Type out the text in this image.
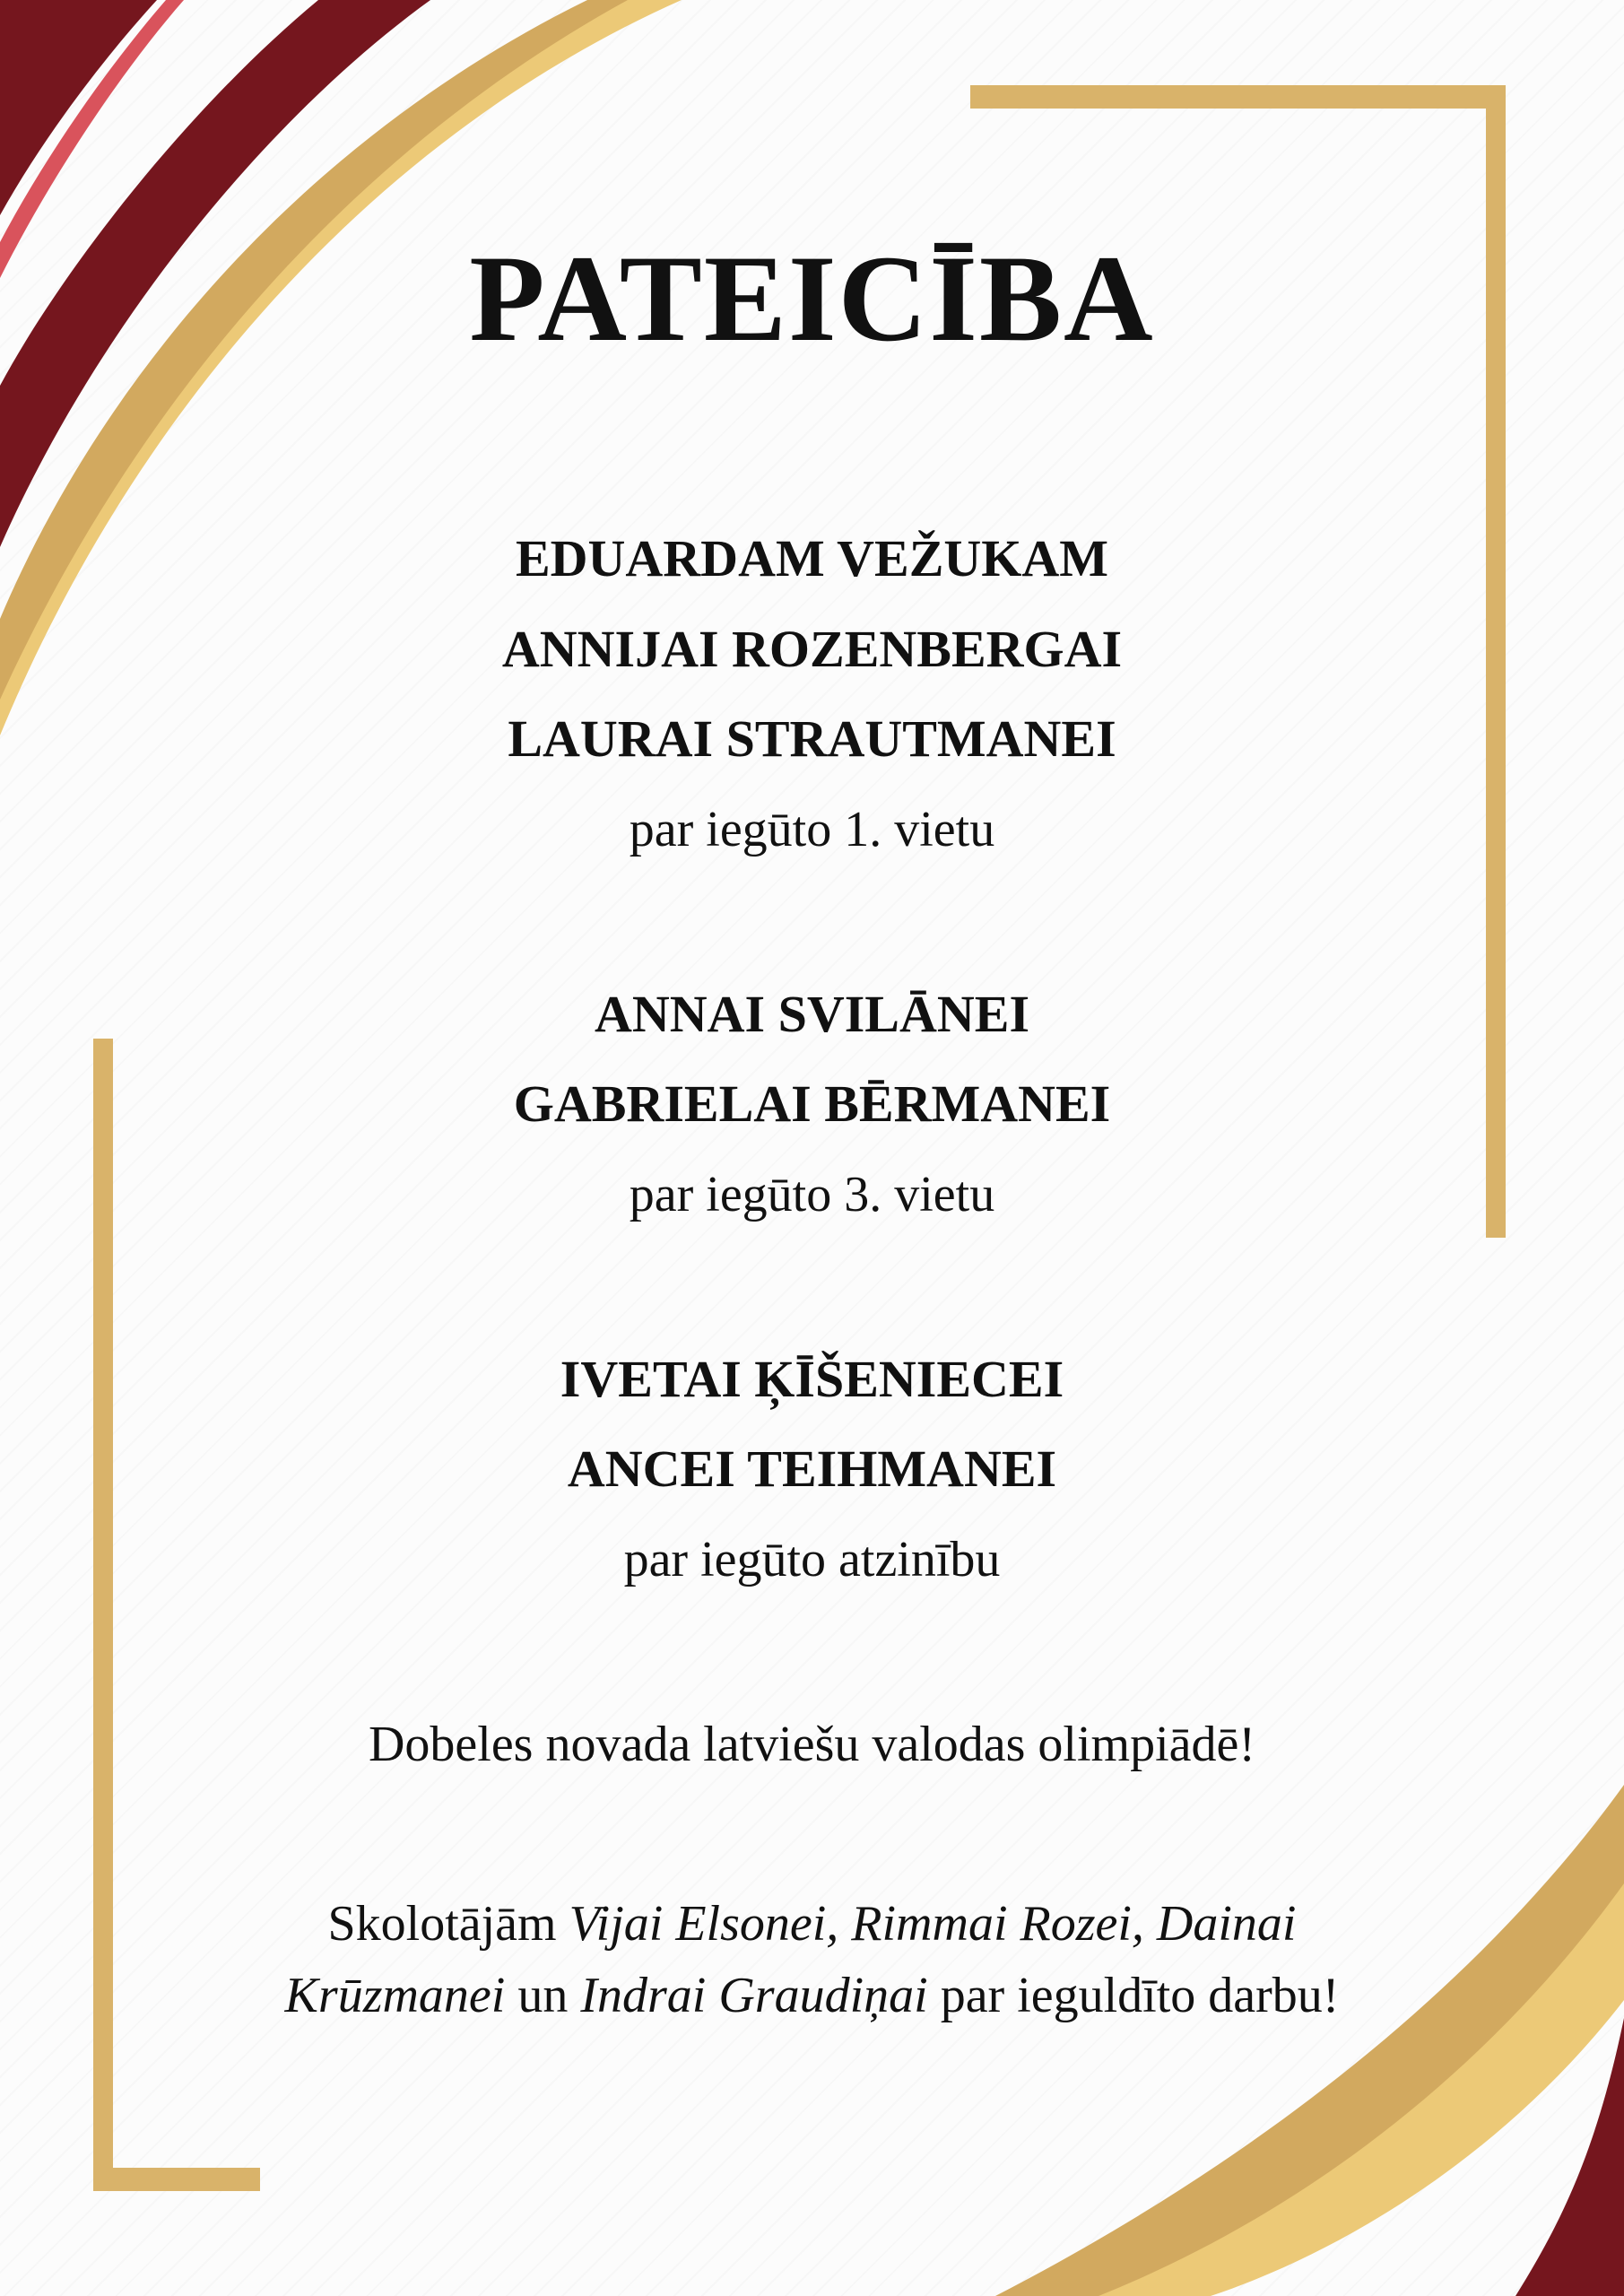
PATEICĪBA
EDUARDAM VEŽUKAM
ANNIJAI ROZENBERGAI
LAURAI STRAUTMANEI
par iegūto 1. vietu
ANNAI SVILĀNEI
GABRIELAI BĒRMANEI
par iegūto 3. vietu
IVETAI ĶĪŠENIECEI
ANCEI TEIHMANEI
par iegūto atzinību
Dobeles novada latviešu valodas olimpiādē!
Skolotājām Vijai Elsonei, Rimmai Rozei, Dainai
Krūzmanei un Indrai Graudiņai par ieguldīto darbu!
